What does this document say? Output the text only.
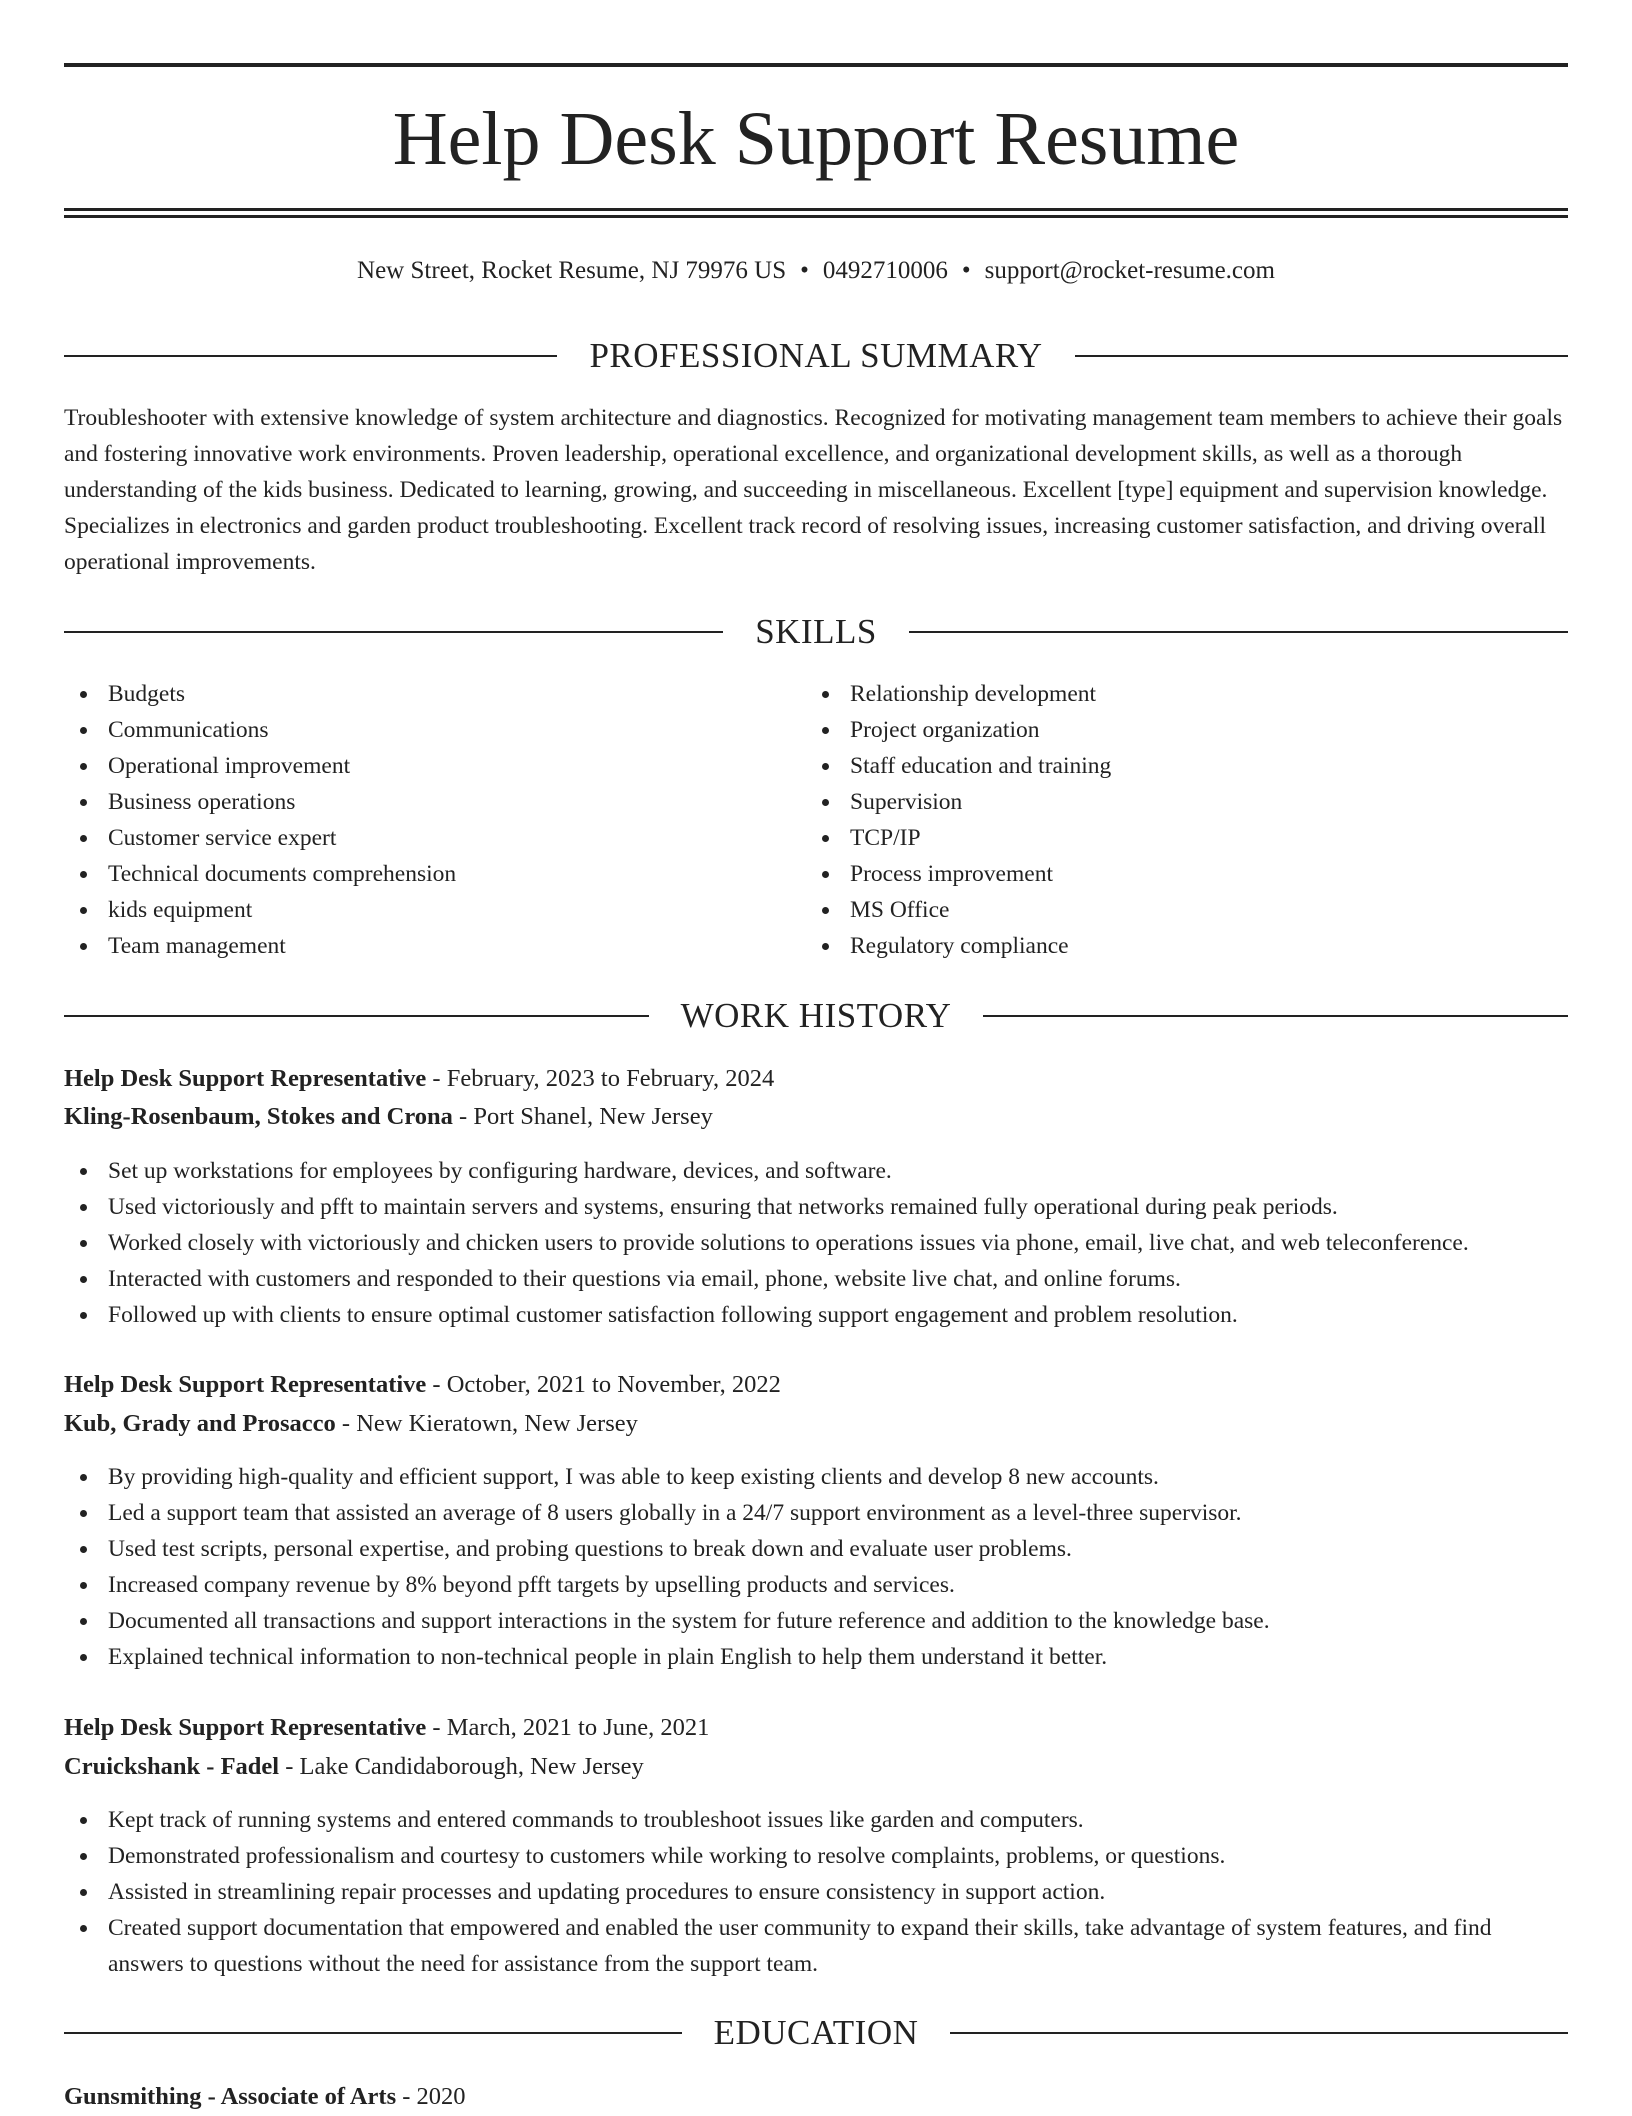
Help Desk Support Resume
New Street, Rocket Resume, NJ 79976 US • 0492710006 • support@rocket-resume.com
PROFESSIONAL SUMMARY

Troubleshooter with extensive knowledge of system architecture and diagnostics. Recognized for motivating management team members to achieve their goals and fostering innovative work environments. Proven leadership, operational excellence, and organizational development skills, as well as a thorough understanding of the kids business. Dedicated to learning, growing, and succeeding in miscellaneous. Excellent [type] equipment and supervision knowledge. Specializes in electronics and garden product troubleshooting. Excellent track record of resolving issues, increasing customer satisfaction, and driving overall operational improvements.

SKILLS
Budgets
Communications
Operational improvement
Business operations
Customer service expert
Technical documents comprehension
kids equipment
Team management
Relationship development
Project organization
Staff education and training
Supervision
TCP/IP
Process improvement
MS Office
Regulatory compliance
WORK HISTORY
Help Desk Support Representative - February, 2023 to February, 2024
Kling-Rosenbaum, Stokes and Crona - Port Shanel, New Jersey
Set up workstations for employees by configuring hardware, devices, and software.
Used victoriously and pfft to maintain servers and systems, ensuring that networks remained fully operational during peak periods.
Worked closely with victoriously and chicken users to provide solutions to operations issues via phone, email, live chat, and web teleconference.
Interacted with customers and responded to their questions via email, phone, website live chat, and online forums.
Followed up with clients to ensure optimal customer satisfaction following support engagement and problem resolution.
Help Desk Support Representative - October, 2021 to November, 2022
Kub, Grady and Prosacco - New Kieratown, New Jersey
By providing high-quality and efficient support, I was able to keep existing clients and develop 8 new accounts.
Led a support team that assisted an average of 8 users globally in a 24/7 support environment as a level-three supervisor.
Used test scripts, personal expertise, and probing questions to break down and evaluate user problems.
Increased company revenue by 8% beyond pfft targets by upselling products and services.
Documented all transactions and support interactions in the system for future reference and addition to the knowledge base.
Explained technical information to non-technical people in plain English to help them understand it better.
Help Desk Support Representative - March, 2021 to June, 2021
Cruickshank - Fadel - Lake Candidaborough, New Jersey
Kept track of running systems and entered commands to troubleshoot issues like garden and computers.
Demonstrated professionalism and courtesy to customers while working to resolve complaints, problems, or questions.
Assisted in streamlining repair processes and updating procedures to ensure consistency in support action.
Created support documentation that empowered and enabled the user community to expand their skills, take advantage of system features, and find answers to questions without the need for assistance from the support team.
EDUCATION
Gunsmithing - Associate of Arts - 2020
